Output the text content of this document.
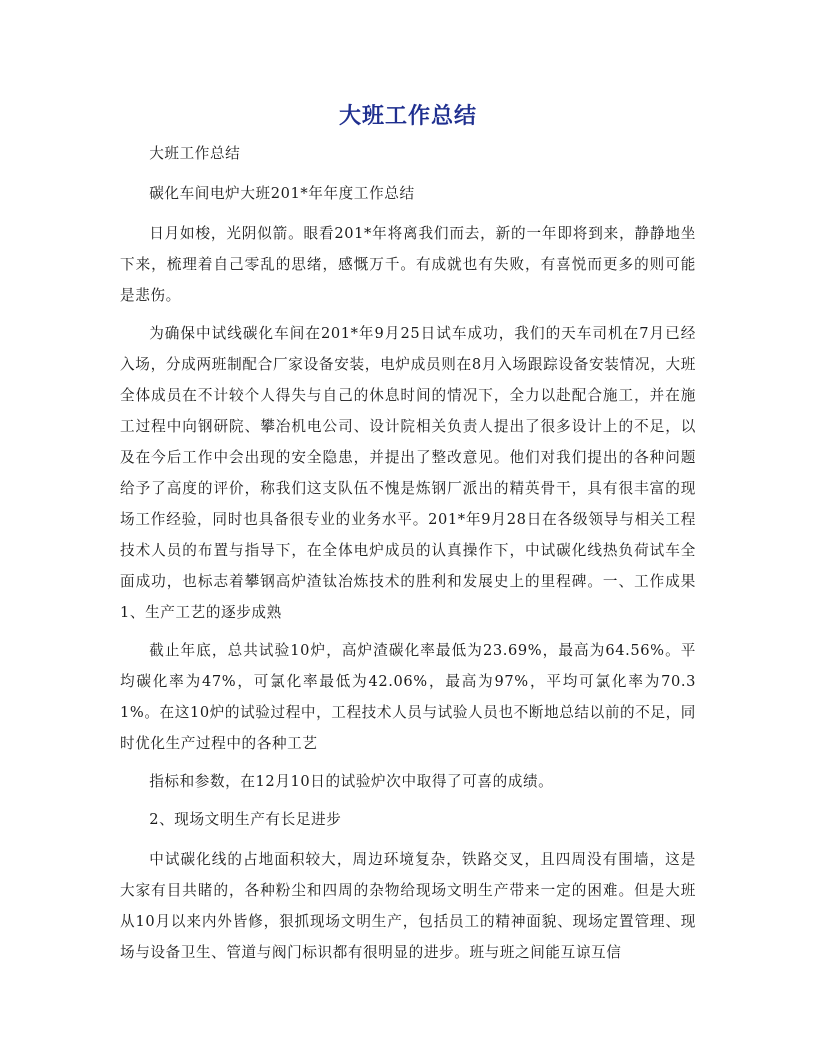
大班工作总结

大班工作总结

碳化车间电炉大班201*年年度工作总结

日月如梭，光阴似箭。眼看201*年将离我们而去，新的一年即将到来，静静地坐下来，梳理着自己零乱的思绪，感慨万千。有成就也有失败，有喜悦而更多的则可能是悲伤。

为确保中试线碳化车间在201*年9月25日试车成功，我们的天车司机在7月已经入场，分成两班制配合厂家设备安装，电炉成员则在8月入场跟踪设备安装情况，大班全体成员在不计较个人得失与自己的休息时间的情况下，全力以赴配合施工，并在施工过程中向钢研院、攀冶机电公司、设计院相关负责人提出了很多设计上的不足，以及在今后工作中会出现的安全隐患，并提出了整改意见。他们对我们提出的各种问题给予了高度的评价，称我们这支队伍不愧是炼钢厂派出的精英骨干，具有很丰富的现场工作经验，同时也具备很专业的业务水平。201*年9月28日在各级领导与相关工程技术人员的布置与指导下，在全体电炉成员的认真操作下，中试碳化线热负荷试车全面成功，也标志着攀钢高炉渣钛冶炼技术的胜利和发展史上的里程碑。一、工作成果1、生产工艺的逐步成熟

截止年底，总共试验10炉，高炉渣碳化率最低为23.69%，最高为64.56%。平均碳化率为47%，可氯化率最低为42.06%，最高为97%，平均可氯化率为70.31%。在这10炉的试验过程中，工程技术人员与试验人员也不断地总结以前的不足，同时优化生产过程中的各种工艺

指标和参数，在12月10日的试验炉次中取得了可喜的成绩。

2、现场文明生产有长足进步

中试碳化线的占地面积较大，周边环境复杂，铁路交叉，且四周没有围墙，这是大家有目共睹的，各种粉尘和四周的杂物给现场文明生产带来一定的困难。但是大班从10月以来内外皆修，狠抓现场文明生产，包括员工的精神面貌、现场定置管理、现场与设备卫生、管道与阀门标识都有很明显的进步。班与班之间能互谅互信
